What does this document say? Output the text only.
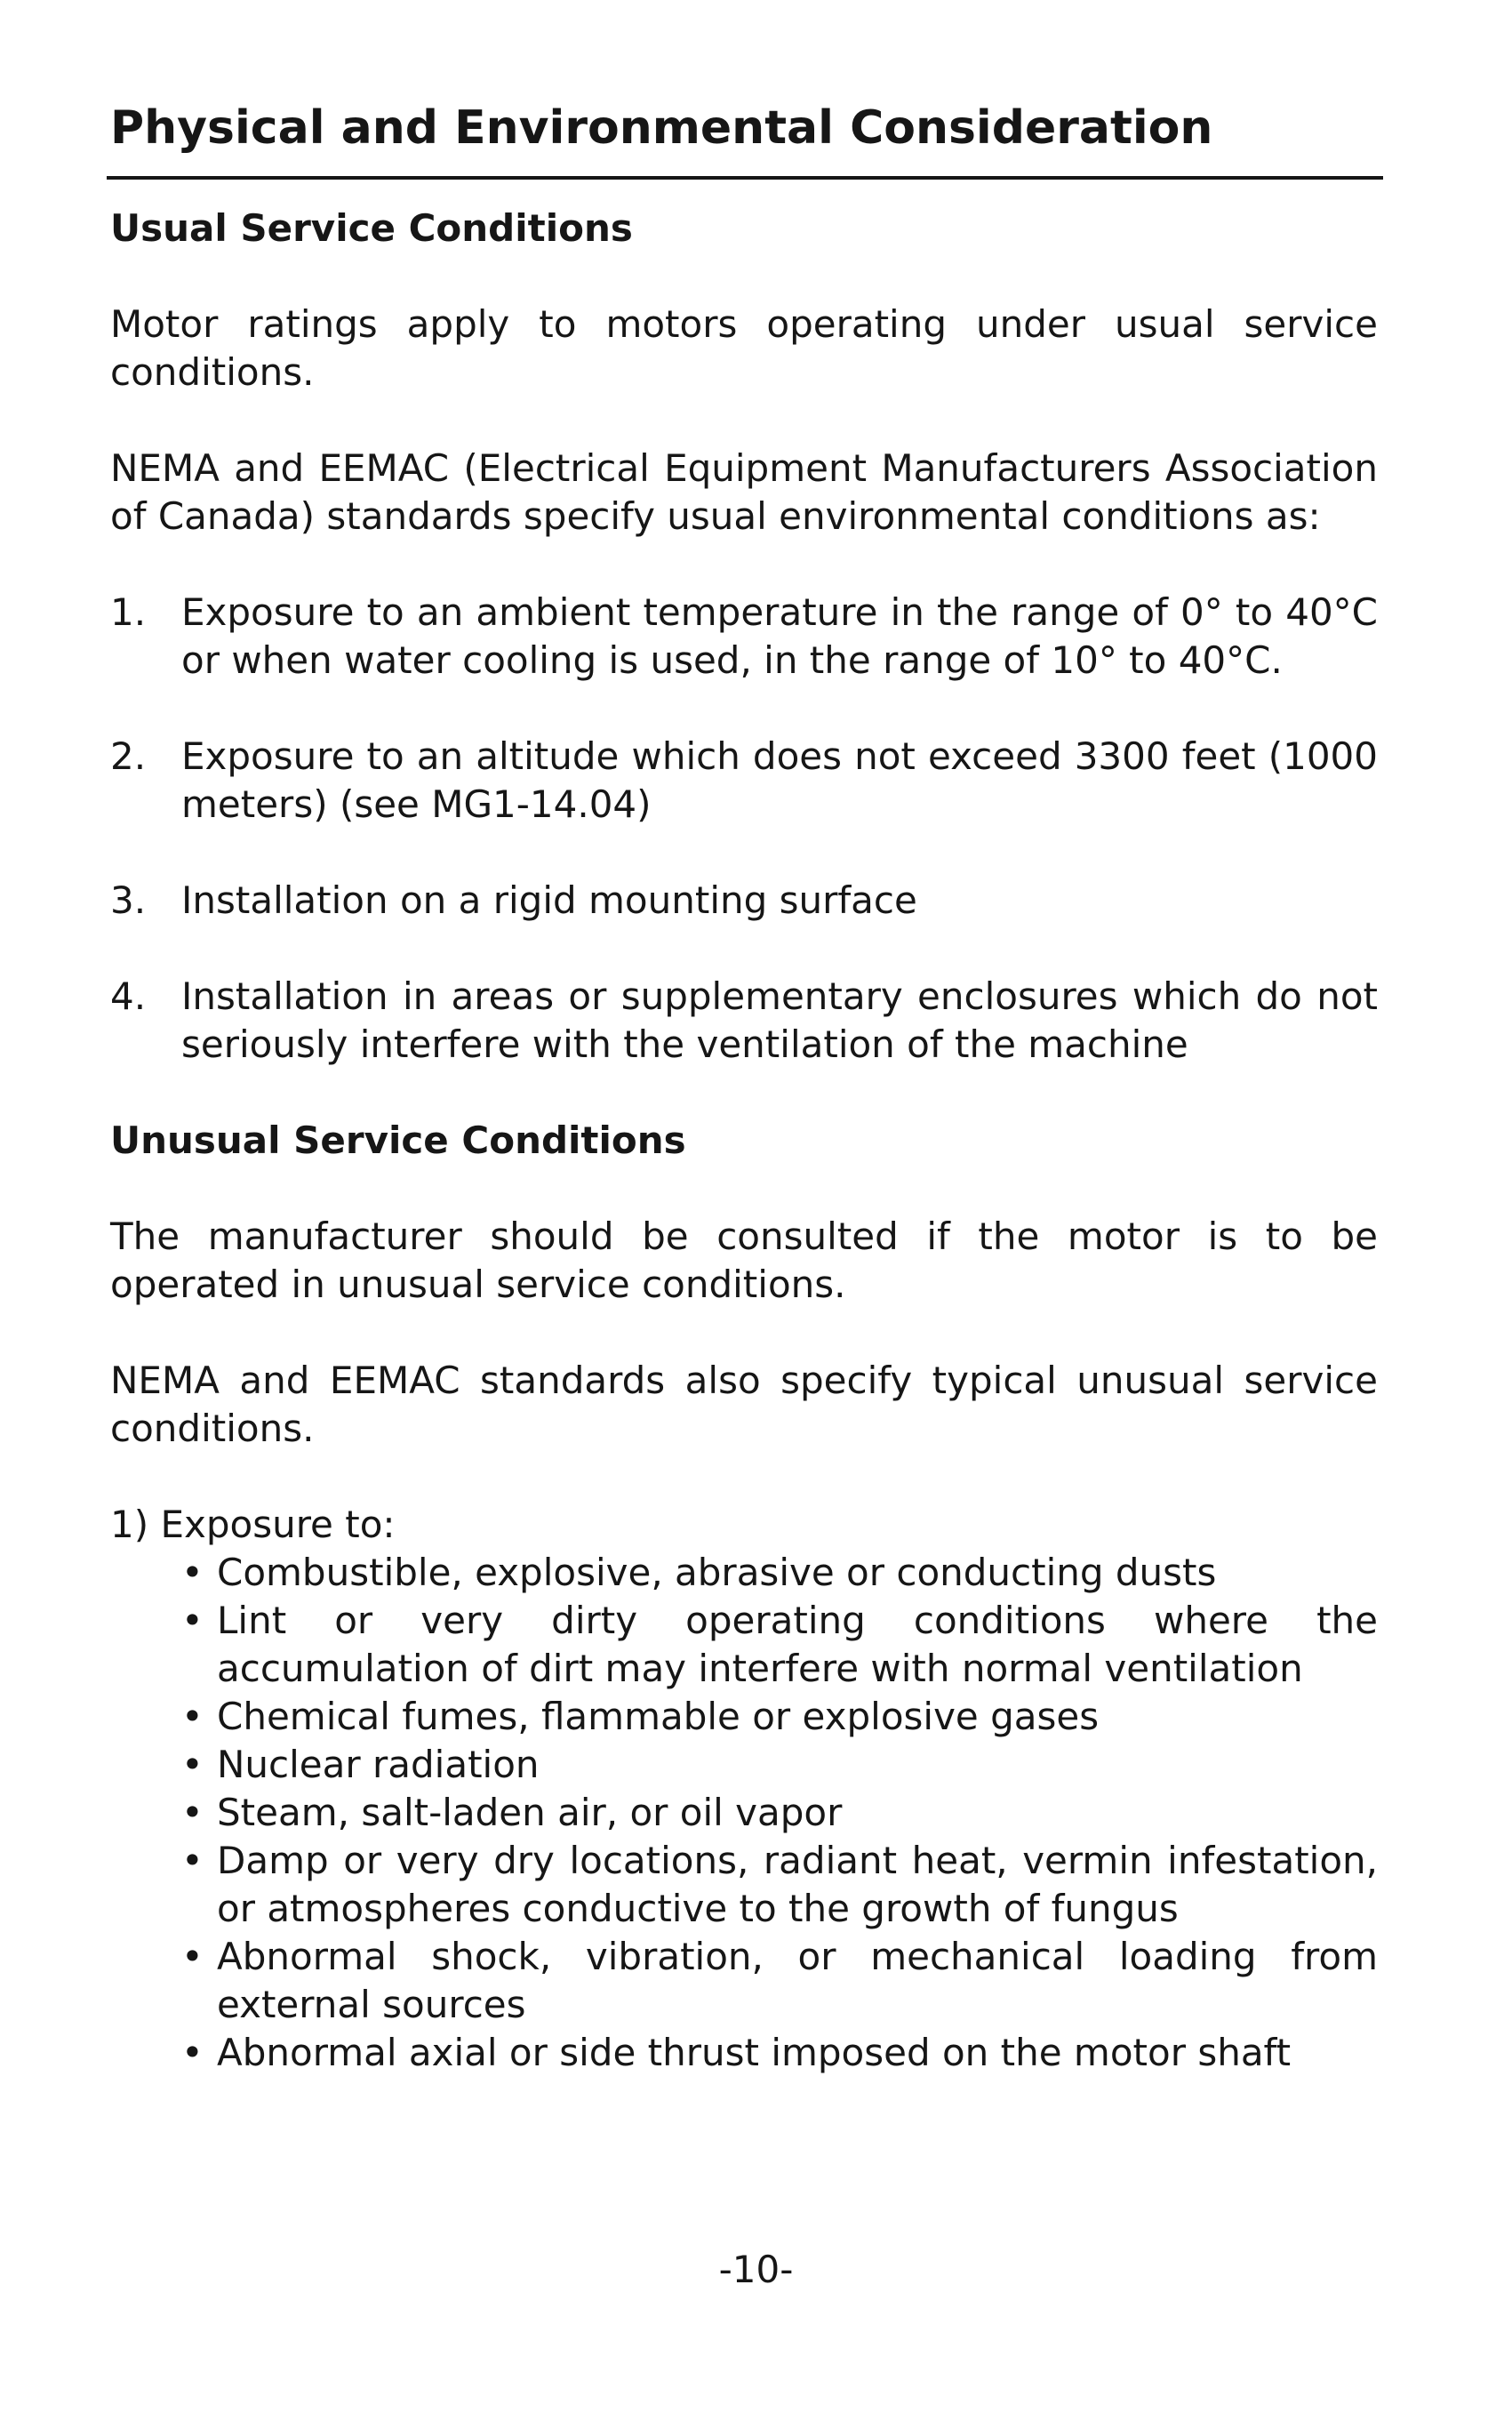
Physical and Environmental Consideration
Usual Service Conditions

Motor ratings apply to motors operating under usual service conditions.

NEMA and EEMAC (Electrical Equipment Manufacturers Association of Canada) standards specify usual environmental conditions as:

1. Exposure to an ambient temperature in the range of 0° to 40°C or when water cooling is used, in the range of 10° to 40°C.
2. Exposure to an altitude which does not exceed 3300 feet (1000 meters) (see MG1-14.04)
3. Installation on a rigid mounting surface
4. Installation in areas or supplementary enclosures which do not seriously interfere with the ventilation of the machine
Unusual Service Conditions

The manufacturer should be consulted if the motor is to be operated in unusual service conditions.

NEMA and EEMAC standards also specify typical unusual service conditions.

1) Exposure to:

• Combustible, explosive, abrasive or conducting dusts
• Lint or very dirty operating conditions where the accumulation of dirt may interfere with normal ventilation
• Chemical fumes, flammable or explosive gases
• Nuclear radiation
• Steam, salt-laden air, or oil vapor
• Damp or very dry locations, radiant heat, vermin infestation, or atmospheres conductive to the growth of fungus
• Abnormal shock, vibration, or mechanical loading from external sources
• Abnormal axial or side thrust imposed on the motor shaft
-10-
